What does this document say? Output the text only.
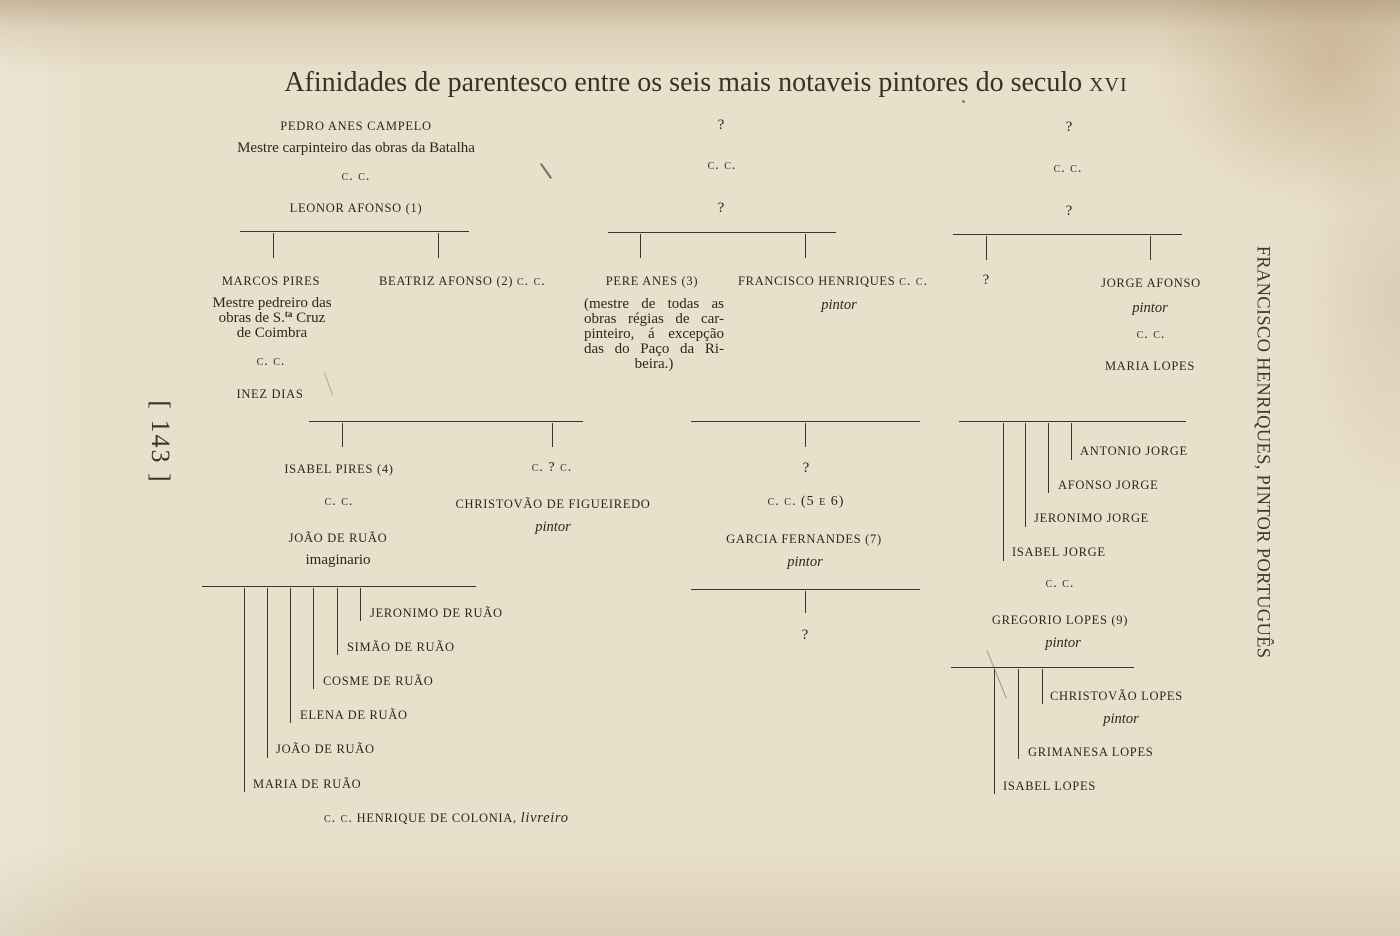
Afinidades de parentesco entre os seis mais notaveis pintores do seculo xvi
FRANCISCO HENRIQUES, PINTOR PORTUGUÊS
[ 143 ]
PEDRO ANES CAMPELO
Mestre carpinteiro das obras da Batalha
c. c.
LEONOR AFONSO (1)
?
c. c.
?
?
c. c.
?
MARCOS PIRES
Mestre pedreiro das
obras de S.$^{ta}$ Cruz
de Coimbra
c. c.
INEZ DIAS
BEATRIZ AFONSO (2) c. c.	PERE ANES (3)
(mestre de todas as
obras régias de car-
pinteiro, á excepção
das do Paço da Ri-
beira.)
FRANCISCO HENRIQUES c. c.
pintor
?	JORGE AFONSO
pintor
c. c.
MARIA LOPES
ISABEL PIRES (4)
c. c.
JOÃO DE RUÃO
imaginario
c. ? c.
CHRISTOVÃO DE FIGUEIREDO
pintor
?
c. c. (5 e 6)
GARCIA FERNANDES (7)
pintor
ANTONIO JORGE
AFONSO JORGE
JERONIMO JORGE
ISABEL JORGE
c. c.
GREGORIO LOPES (9)
pintor
JERONIMO DE RUÃO
SIMÃO DE RUÃO
COSME DE RUÃO
ELENA DE RUÃO
JOÃO DE RUÃO
MARIA DE RUÃO
c. c. HENRIQUE DE COLONIA, livreiro
?
CHRISTOVÃO LOPES
pintor
GRIMANESA LOPES
ISABEL LOPES
